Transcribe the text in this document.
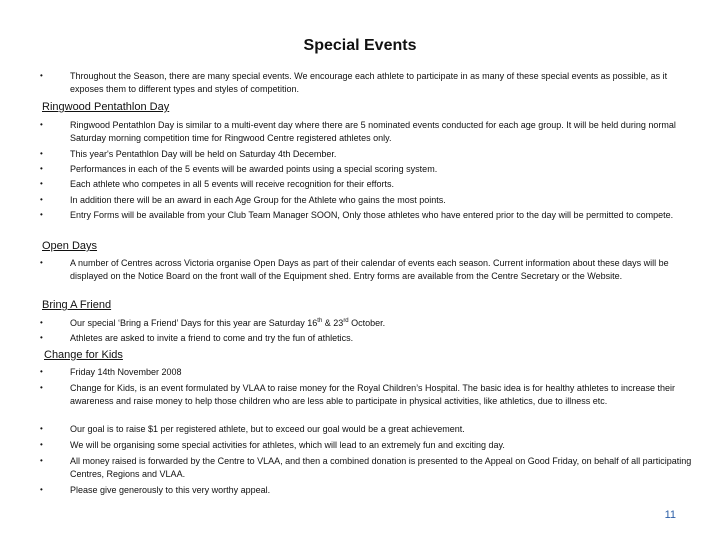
Special Events
•	Throughout the Season, there are many special events. We encourage each athlete to participate in as many of these special events as possible, as it exposes them to different types and styles of competition.
Ringwood Pentathlon Day
•	Ringwood Pentathlon Day is similar to a multi-event day where there are 5 nominated events conducted for each age group. It will be held during normal Saturday morning competition time for Ringwood Centre registered athletes only.
•	This year's Pentathlon Day will be held on Saturday 4th December.
•	Performances in each of the 5 events will be awarded points using a special scoring system.
•	Each athlete who competes in all 5 events will receive recognition for their efforts.
•	In addition there will be an award in each Age Group for the Athlete who gains the most points.
•	Entry Forms will be available from your Club Team Manager SOON, Only those athletes who have entered prior to the day will be permitted to compete.
Open Days
•	A number of Centres across Victoria organise Open Days as part of their calendar of events each season. Current information about these days will be displayed on the Notice Board on the front wall of the Equipment shed. Entry forms are available from the Centre Secretary or the Website.
Bring A Friend
•	Our special ‘Bring a Friend’ Days for this year are Saturday 16th & 23rd October.
•	Athletes are asked to invite a friend to come and try the fun of athletics.
Change for Kids
•	Friday 14th November 2008
•	Change for Kids, is an event formulated by VLAA to raise money for the Royal Children’s Hospital. The basic idea is for healthy athletes to increase their awareness and raise money to help those children who are less able to participate in physical activities, like athletics, due to illness etc.
•	Our goal is to raise $1 per registered athlete, but to exceed our goal would be a great achievement.
•	We will be organising some special activities for athletes, which will lead to an extremely fun and exciting day.
•	All money raised is forwarded by the Centre to VLAA, and then a combined donation is presented to the Appeal on Good Friday, on behalf of all participating Centres, Regions and VLAA.
•	Please give generously to this very worthy appeal.
11
